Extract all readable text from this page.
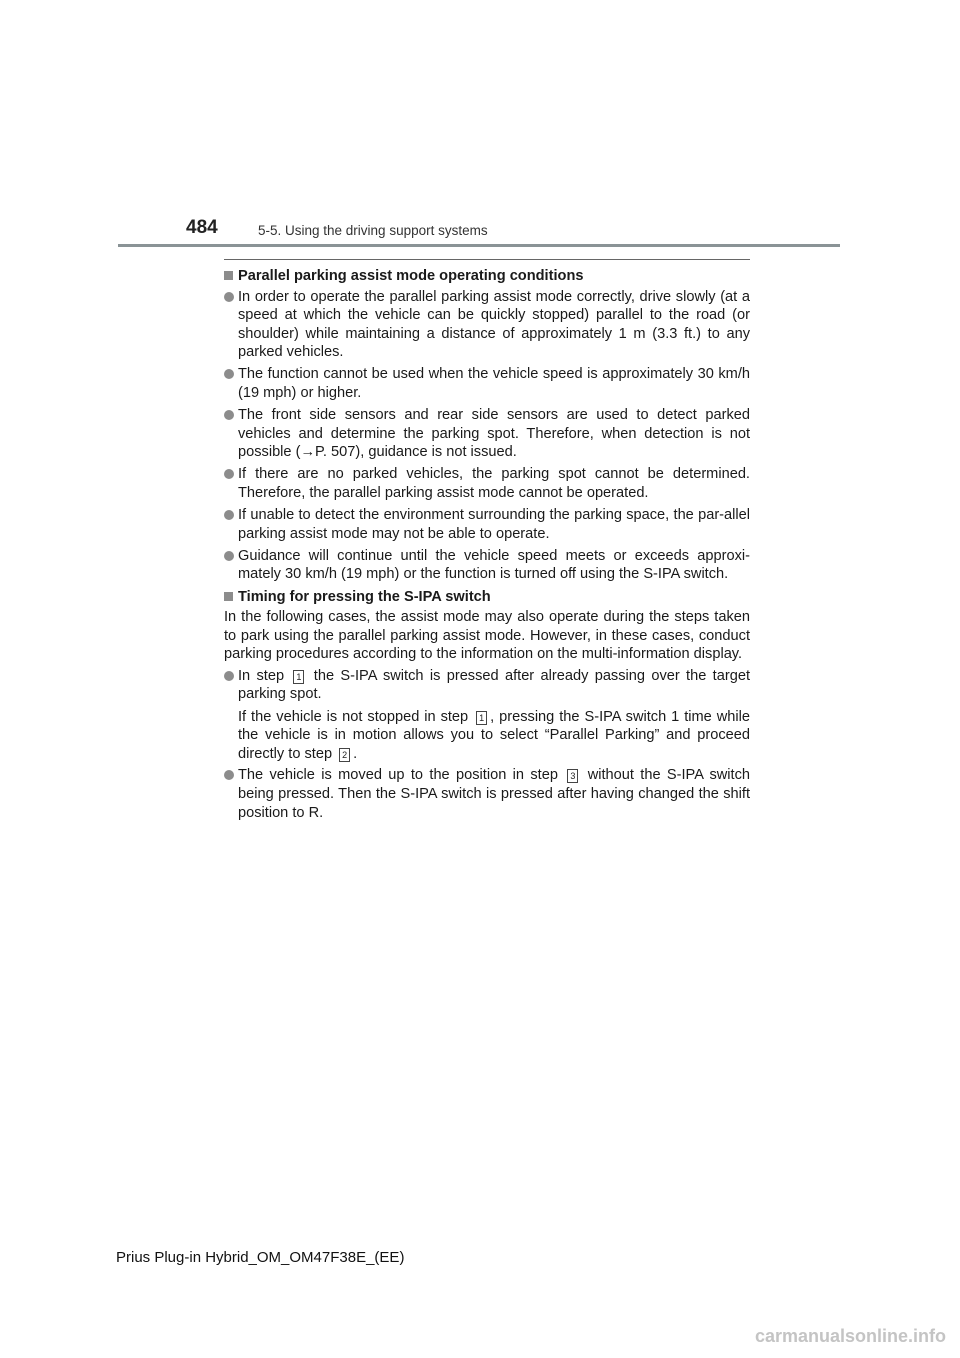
484	5-5. Using the driving support systems
Parallel parking assist mode operating conditions
In order to operate the parallel parking assist mode correctly, drive slowly (at a speed at which the vehicle can be quickly stopped) parallel to the road (or shoulder) while maintaining a distance of approximately 1 m (3.3 ft.) to any parked vehicles.
The function cannot be used when the vehicle speed is approximately 30 km/h (19 mph) or higher.
The front side sensors and rear side sensors are used to detect parked vehicles and determine the parking spot. Therefore, when detection is not possible (→P. 507), guidance is not issued.
If there are no parked vehicles, the parking spot cannot be determined. Therefore, the parallel parking assist mode cannot be operated.
If unable to detect the environment surrounding the parking space, the par-allel parking assist mode may not be able to operate.
Guidance will continue until the vehicle speed meets or exceeds approxi-mately 30 km/h (19 mph) or the function is turned off using the S-IPA switch.
Timing for pressing the S-IPA switch
In the following cases, the assist mode may also operate during the steps taken to park using the parallel parking assist mode. However, in these cases, conduct parking procedures according to the information on the multi-information display.
In step 1 the S-IPA switch is pressed after already passing over the target parking spot.
If the vehicle is not stopped in step 1 , pressing the S-IPA switch 1 time while the vehicle is in motion allows you to select “Parallel Parking” and proceed directly to step 2 .
The vehicle is moved up to the position in step 3 without the S-IPA switch being pressed. Then the S-IPA switch is pressed after having changed the shift position to R.
Prius Plug-in Hybrid_OM_OM47F38E_(EE)
carmanualsonline.info
